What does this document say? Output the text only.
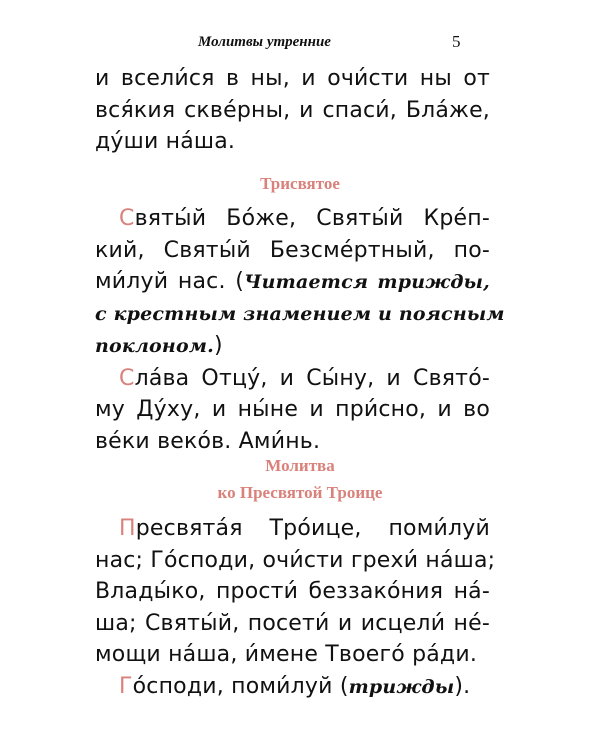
Молитвы утренние	5
и всели́ся в ны, и очи́сти ны от
вся́кия скве́рны, и спаси́, Бла́же,
ду́ши на́ша.
Трисвятое
Святы́й Бо́же, Святы́й Кре́п-
кий, Святы́й Безсме́ртный, по-
ми́луй нас. (Читается трижды,
с крестным знамением и поясным
поклоном.)
Сла́ва Отцу́, и Сы́ну, и Свято́-
му Ду́ху, и ны́не и при́сно, и во
ве́ки веко́в. Ами́нь.
Молитва
ко Пресвятой Троице
Пресвята́я Тро́ице, поми́луй
нас; Го́споди, очи́сти грехи́ на́ша;
Влады́ко, прости́ беззако́ния на́-
ша; Святы́й, посети́ и исцели́ не́-
мощи на́ша, и́мене Твоего́ ра́ди.
Го́споди, поми́луй (трижды).
